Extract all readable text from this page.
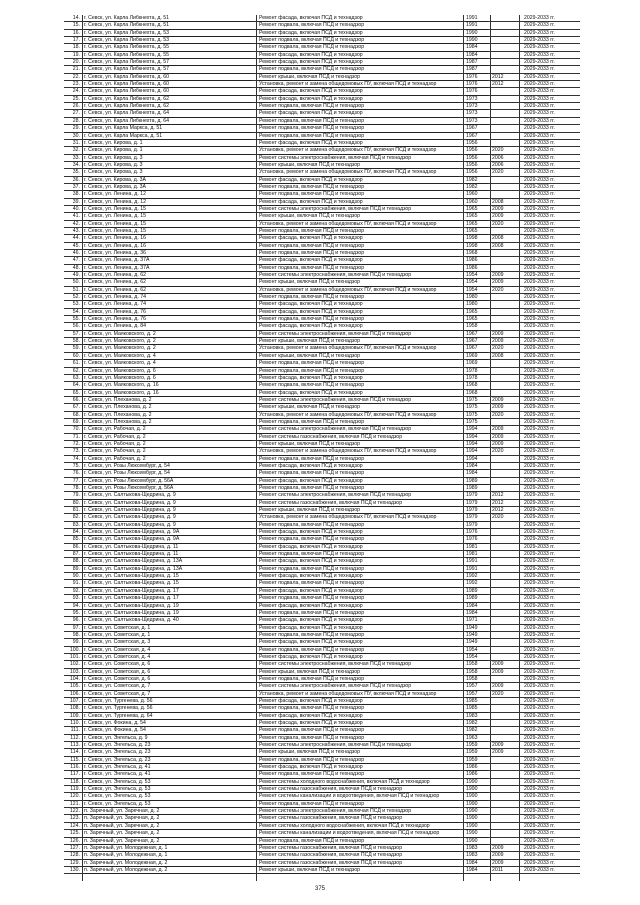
14. г. Севск, ул. Карла Либкнехта, д. 51	Ремонт фасада, включая ПСД и технадзор	1991	2029-2033 гг.
15. г. Севск, ул. Карла Либкнехта, д. 51	Ремонт подвала, включая ПСД и технадзор	1991	2029-2033 гг.
16. г. Севск, ул. Карла Либкнехта, д. 53	Ремонт фасада, включая ПСД и технадзор	1990	2029-2033 гг.
17. г. Севск, ул. Карла Либкнехта, д. 53	Ремонт подвала, включая ПСД и технадзор	1990	2029-2033 гг.
18. г. Севск, ул. Карла Либкнехта, д. 55	Ремонт подвала, включая ПСД и технадзор	1984	2029-2033 гг.
19. г. Севск, ул. Карла Либкнехта, д. 55	Ремонт фасада, включая ПСД и технадзор	1984	2029-2033 гг.
20. г. Севск, ул. Карла Либкнехта, д. 57	Ремонт фасада, включая ПСД и технадзор	1987	2029-2033 гг.
21. г. Севск, ул. Карла Либкнехта, д. 57	Ремонт подвала, включая ПСД и технадзор	1987	2029-2033 гг.
22. г. Севск, ул. Карла Либкнехта, д. 60	Ремонт крыши, включая ПСД и технадзор	1976	2012	2029-2033 гг.
23. г. Севск, ул. Карла Либкнехта, д. 60	Установка, ремонт и замена общедомовых ПУ, включая ПСД и технадзор	1976	2012	2020-2033 гг.
24. г. Севск, ул. Карла Либкнехта, д. 60	Ремонт фасада, включая ПСД и технадзор	1976	2029-2033 гг.
25. г. Севск, ул. Карла Либкнехта, д. 62	Ремонт фасада, включая ПСД и технадзор	1973	2029-2033 гг.
26. г. Севск, ул. Карла Либкнехта, д. 62	Ремонт подвала, включая ПСД и технадзор	1973	2029-2033 гг.
27. г. Севск, ул. Карла Либкнехта, д. 64	Ремонт фасада, включая ПСД и технадзор	1973	2029-2033 гг.
28. г. Севск, ул. Карла Либкнехта, д. 64	Ремонт подвала, включая ПСД и технадзор	1973	2029-2033 гг.
29. г. Севск, ул. Карла Маркса, д. 51	Ремонт подвала, включая ПСД и технадзор	1967	2029-2033 гг.
30. г. Севск, ул. Карла Маркса, д. 51	Ремонт подвала, включая ПСД и технадзор	1967	2029-2033 гг.
31. г. Севск, ул. Кирова, д. 1	Ремонт фасада, включая ПСД и технадзор	1956	2029-2033 гг.
32. г. Севск, ул. Кирова, д. 1	Установка, ремонт и замена общедомовых ПУ, включая ПСД и технадзор	1956	2020	2029-2033 гг.
33. г. Севск, ул. Кирова, д. 3	Ремонт системы электроснабжения, включая ПСД и технадзор	1956	2006	2029-2033 гг.
34. г. Севск, ул. Кирова, д. 3	Ремонт крыши, включая ПСД и технадзор	1956	2006	2029-2033 гг.
35. г. Севск, ул. Кирова, д. 3	Установка, ремонт и замена общедомовых ПУ, включая ПСД и технадзор	1956	2020	2029-2033 гг.
36. г. Севск, ул. Кирова, д. 3А	Ремонт фасада, включая ПСД и технадзор	1982	2029-2033 гг.
37. г. Севск, ул. Кирова, д. 3А	Ремонт подвала, включая ПСД и технадзор	1982	2029-2033 гг.
38. г. Севск, ул. Ленина, д. 12	Ремонт подвала, включая ПСД и технадзор	1960	2029-2033 гг.
39. г. Севск, ул. Ленина, д. 12	Ремонт фасада, включая ПСД и технадзор	1960	2008	2029-2033 гг.
40. г. Севск, ул. Ленина, д. 15	Ремонт системы электроснабжения, включая ПСД и технадзор	1965	2009	2029-2033 гг.
41. г. Севск, ул. Ленина, д. 15	Ремонт крыши, включая ПСД и технадзор	1965	2009	2029-2033 гг.
42. г. Севск, ул. Ленина, д. 15	Установка, ремонт и замена общедомовых ПУ, включая ПСД и технадзор	1965	2020	2029-2033 гг.
43. г. Севск, ул. Ленина, д. 15	Ремонт подвала, включая ПСД и технадзор	1965	2029-2033 гг.
44. г. Севск, ул. Ленина, д. 16	Ремонт фасада, включая ПСД и технадзор	1998	2008	2029-2033 гг.
45. г. Севск, ул. Ленина, д. 16	Ремонт подвала, включая ПСД и технадзор	1998	2008	2029-2033 гг.
46. г. Севск, ул. Ленина, д. 36	Ремонт подвала, включая ПСД и технадзор	1968	2029-2033 гг.
47. г. Севск, ул. Ленина, д. 37А	Ремонт фасада, включая ПСД и технадзор	1986	2029-2033 гг.
48. г. Севск, ул. Ленина, д. 37А	Ремонт подвала, включая ПСД и технадзор	1986	2029-2033 гг.
49. г. Севск, ул. Ленина, д. 62	Ремонт системы электроснабжения, включая ПСД и технадзор	1954	2009	2029-2033 гг.
50. г. Севск, ул. Ленина, д. 62	Ремонт крыши, включая ПСД и технадзор	1954	2009	2029-2033 гг.
51. г. Севск, ул. Ленина, д. 62	Установка, ремонт и замена общедомовых ПУ, включая ПСД и технадзор	1954	2020	2029-2033 гг.
52. г. Севск, ул. Ленина, д. 74	Ремонт подвала, включая ПСД и технадзор	1980	2029-2033 гг.
53. г. Севск, ул. Ленина, д. 74	Ремонт фасада, включая ПСД и технадзор	1980	2029-2033 гг.
54. г. Севск, ул. Ленина, д. 76	Ремонт фасада, включая ПСД и технадзор	1965	2029-2033 гг.
55. г. Севск, ул. Ленина, д. 76	Ремонт подвала, включая ПСД и технадзор	1965	2029-2033 гг.
56. г. Севск, ул. Ленина, д. 84	Ремонт фасада, включая ПСД и технадзор	1958	2029-2033 гг.
57. г. Севск, ул. Маяковского, д. 2	Ремонт системы электроснабжения, включая ПСД и технадзор	1967	2009	2029-2033 гг.
58. г. Севск, ул. Маяковского, д. 2	Ремонт крыши, включая ПСД и технадзор	1967	2009	2029-2033 гг.
59. г. Севск, ул. Маяковского, д. 2	Установка, ремонт и замена общедомовых ПУ, включая ПСД и технадзор	1967	2020	2029-2033 гг.
60. г. Севск, ул. Маяковского, д. 4	Ремонт крыши, включая ПСД и технадзор	1969	2008	2029-2033 гг.
61. г. Севск, ул. Маяковского, д. 4	Ремонт подвала, включая ПСД и технадзор	1969	2029-2033 гг.
62. г. Севск, ул. Маяковского, д. 6	Ремонт подвала, включая ПСД и технадзор	1978	2029-2033 гг.
63. г. Севск, ул. Маяковского, д. 6	Ремонт фасада, включая ПСД и технадзор	1978	2029-2033 гг.
64. г. Севск, ул. Маяковского, д. 16	Ремонт подвала, включая ПСД и технадзор	1968	2029-2033 гг.
65. г. Севск, ул. Маяковского, д. 16	Ремонт фасада, включая ПСД и технадзор	1968	2029-2033 гг.
66. г. Севск, ул. Плеханова, д. 2	Ремонт системы электроснабжения, включая ПСД и технадзор	1975	2009	2029-2033 гг.
67. г. Севск, ул. Плеханова, д. 2	Ремонт крыши, включая ПСД и технадзор	1975	2009	2029-2033 гг.
68. г. Севск, ул. Плеханова, д. 2	Установка, ремонт и замена общедомовых ПУ, включая ПСД и технадзор	1975	2020	2029-2033 гг.
69. г. Севск, ул. Плеханова, д. 2	Ремонт подвала, включая ПСД и технадзор	1975	2029-2033 гг.
70. г. Севск, ул. Рабочая, д. 2	Ремонт системы электроснабжения, включая ПСД и технадзор	1994	2009	2029-2033 гг.
71. г. Севск, ул. Рабочая, д. 2	Ремонт системы газоснабжения, включая ПСД и технадзор	1994	2009	2029-2033 гг.
72. г. Севск, ул. Рабочая, д. 2	Ремонт крыши, включая ПСД и технадзор	1994	2009	2029-2033 гг.
73. г. Севск, ул. Рабочая, д. 2	Установка, ремонт и замена общедомовых ПУ, включая ПСД и технадзор	1994	2020	2029-2033 гг.
74. г. Севск, ул. Рабочая, д. 2	Ремонт подвала, включая ПСД и технадзор	1994	2029-2033 гг.
75. г. Севск, ул. Розы Люксембург, д. 54	Ремонт фасада, включая ПСД и технадзор	1984	2029-2033 гг.
76. г. Севск, ул. Розы Люксембург, д. 54	Ремонт подвала, включая ПСД и технадзор	1984	2029-2033 гг.
77. г. Севск, ул. Розы Люксембург, д. 56А	Ремонт фасада, включая ПСД и технадзор	1989	2029-2033 гг.
78. г. Севск, ул. Розы Люксембург, д. 56А	Ремонт подвала, включая ПСД и технадзор	1989	2029-2033 гг.
79. г. Севск, ул. Салтыкова-Щедрина, д. 9	Ремонт системы электроснабжения, включая ПСД и технадзор	1979	2012	2029-2033 гг.
80. г. Севск, ул. Салтыкова-Щедрина, д. 9	Ремонт системы газоснабжения, включая ПСД и технадзор	1979	2012	2029-2033 гг.
81. г. Севск, ул. Салтыкова-Щедрина, д. 9	Ремонт крыши, включая ПСД и технадзор	1979	2012	2029-2033 гг.
82. г. Севск, ул. Салтыкова-Щедрина, д. 9	Установка, ремонт и замена общедомовых ПУ, включая ПСД и технадзор	1979	2020	2029-2033 гг.
83. г. Севск, ул. Салтыкова-Щедрина, д. 9	Ремонт подвала, включая ПСД и технадзор	1979	2029-2033 гг.
84. г. Севск, ул. Салтыкова-Щедрина, д. 9А	Ремонт фасада, включая ПСД и технадзор	1976	2029-2033 гг.
85. г. Севск, ул. Салтыкова-Щедрина, д. 9А	Ремонт подвала, включая ПСД и технадзор	1976	2029-2033 гг.
86. г. Севск, ул. Салтыкова-Щедрина, д. 11	Ремонт фасада, включая ПСД и технадзор	1981	2029-2033 гг.
87. г. Севск, ул. Салтыкова-Щедрина, д. 11	Ремонт подвала, включая ПСД и технадзор	1981	2029-2033 гг.
88. г. Севск, ул. Салтыкова-Щедрина, д. 13А	Ремонт фасада, включая ПСД и технадзор	1991	2029-2033 гг.
89. г. Севск, ул. Салтыкова-Щедрина, д. 13А	Ремонт подвала, включая ПСД и технадзор	1991	2029-2033 гг.
90. г. Севск, ул. Салтыкова-Щедрина, д. 15	Ремонт фасада, включая ПСД и технадзор	1992	2029-2033 гг.
91. г. Севск, ул. Салтыкова-Щедрина, д. 15	Ремонт подвала, включая ПСД и технадзор	1992	2029-2033 гг.
92. г. Севск, ул. Салтыкова-Щедрина, д. 17	Ремонт фасада, включая ПСД и технадзор	1989	2029-2033 гг.
93. г. Севск, ул. Салтыкова-Щедрина, д. 17	Ремонт подвала, включая ПСД и технадзор	1989	2029-2033 гг.
94. г. Севск, ул. Салтыкова-Щедрина, д. 19	Ремонт фасада, включая ПСД и технадзор	1984	2029-2033 гг.
95. г. Севск, ул. Салтыкова-Щедрина, д. 19	Ремонт подвала, включая ПСД и технадзор	1984	2029-2033 гг.
96. г. Севск, ул. Салтыкова-Щедрина, д. 40	Ремонт фасада, включая ПСД и технадзор	1971	2029-2033 гг.
97. г. Севск, ул. Советская, д. 1	Ремонт фасада, включая ПСД и технадзор	1949	2029-2033 гг.
98. г. Севск, ул. Советская, д. 1	Ремонт подвала, включая ПСД и технадзор	1949	2029-2033 гг.
99. г. Севск, ул. Советская, д. 3	Ремонт фасада, включая ПСД и технадзор	1949	2029-2033 гг.
100. г. Севск, ул. Советская, д. 4	Ремонт подвала, включая ПСД и технадзор	1954	2029-2033 гг.
101. г. Севск, ул. Советская, д. 4	Ремонт фасада, включая ПСД и технадзор	1954	2029-2033 гг.
102. г. Севск, ул. Советская, д. 6	Ремонт системы электроснабжения, включая ПСД и технадзор	1958	2009	2029-2033 гг.
103. г. Севск, ул. Советская, д. 6	Ремонт крыши, включая ПСД и технадзор	1958	2009	2029-2033 гг.
104. г. Севск, ул. Советская, д. 6	Ремонт подвала, включая ПСД и технадзор	1958	2029-2033 гг.
105. г. Севск, ул. Советская, д. 7	Ремонт системы электроснабжения, включая ПСД и технадзор	1957	2009	2029-2033 гг.
106. г. Севск, ул. Советская, д. 7	Установка, ремонт и замена общедомовых ПУ, включая ПСД и технадзор	1957	2020	2029-2033 гг.
107. г. Севск, ул. Тургенева, д. 56	Ремонт фасада, включая ПСД и технадзор	1985	2029-2033 гг.
108. г. Севск, ул. Тургенева, д. 56	Ремонт подвала, включая ПСД и технадзор	1985	2029-2033 гг.
109. г. Севск, ул. Тургенева, д. 64	Ремонт фасада, включая ПСД и технадзор	1983	2029-2033 гг.
110. г. Севск, ул. Фокина, д. 54	Ремонт фасада, включая ПСД и технадзор	1982	2029-2033 гг.
111. г. Севск, ул. Фокина, д. 54	Ремонт подвала, включая ПСД и технадзор	1982	2029-2033 гг.
112. г. Севск, ул. Энгельса, д. 9	Ремонт подвала, включая ПСД и технадзор	1963	2029-2033 гг.
113. г. Севск, ул. Энгельса, д. 23	Ремонт системы электроснабжения, включая ПСД и технадзор	1959	2009	2029-2033 гг.
114. г. Севск, ул. Энгельса, д. 23	Ремонт крыши, включая ПСД и технадзор	1959	2009	2029-2033 гг.
115. г. Севск, ул. Энгельса, д. 23	Ремонт подвала, включая ПСД и технадзор	1959	2029-2033 гг.
116. г. Севск, ул. Энгельса, д. 41	Ремонт фасада, включая ПСД и технадзор	1986	2029-2033 гг.
117. г. Севск, ул. Энгельса, д. 41	Ремонт подвала, включая ПСД и технадзор	1986	2029-2033 гг.
118. г. Севск, ул. Энгельса, д. 53	Ремонт системы холодного водоснабжения, включая ПСД и технадзор	1990	2029-2033 гг.
119. г. Севск, ул. Энгельса, д. 53	Ремонт системы газоснабжения, включая ПСД и технадзор	1990	2029-2033 гг.
120. г. Севск, ул. Энгельса, д. 53	Ремонт системы канализации и водоотведения, включая ПСД и технадзор	1990	2029-2033 гг.
121. г. Севск, ул. Энгельса, д. 53	Ремонт подвала, включая ПСД и технадзор	1990	2029-2033 гг.
122. п. Заречный, ул. Заречная, д. 2	Ремонт системы электроснабжения, включая ПСД и технадзор	1990	2029-2033 гг.
123. п. Заречный, ул. Заречная, д. 2	Ремонт системы газоснабжения, включая ПСД и технадзор	1990	2029-2033 гг.
124. п. Заречный, ул. Заречная, д. 2	Ремонт системы холодного водоснабжения, включая ПСД и технадзор	1990	2029-2033 гг.
125. п. Заречный, ул. Заречная, д. 2	Ремонт системы канализации и водоотведения, включая ПСД и технадзор	1990	2029-2033 гг.
126. п. Заречный, ул. Заречная, д. 2	Ремонт подвала, включая ПСД и технадзор	1990	2029-2033 гг.
127. п. Заречный, ул. Молодежная, д. 1	Ремонт системы газоснабжения, включая ПСД и технадзор	1983	2009	2029-2033 гг.
128. п. Заречный, ул. Молодежная, д. 1	Ремонт системы газоснабжения, включая ПСД и технадзор	1983	2009	2029-2033 гг.
129. п. Заречный, ул. Молодежная, д. 2	Ремонт системы газоснабжения, включая ПСД и технадзор	1984	2009	2029-2033 гг.
130. п. Заречный, ул. Молодежная, д. 2	Ремонт крыши, включая ПСД и технадзор	1984	2011	2029-2033 гг.
375
